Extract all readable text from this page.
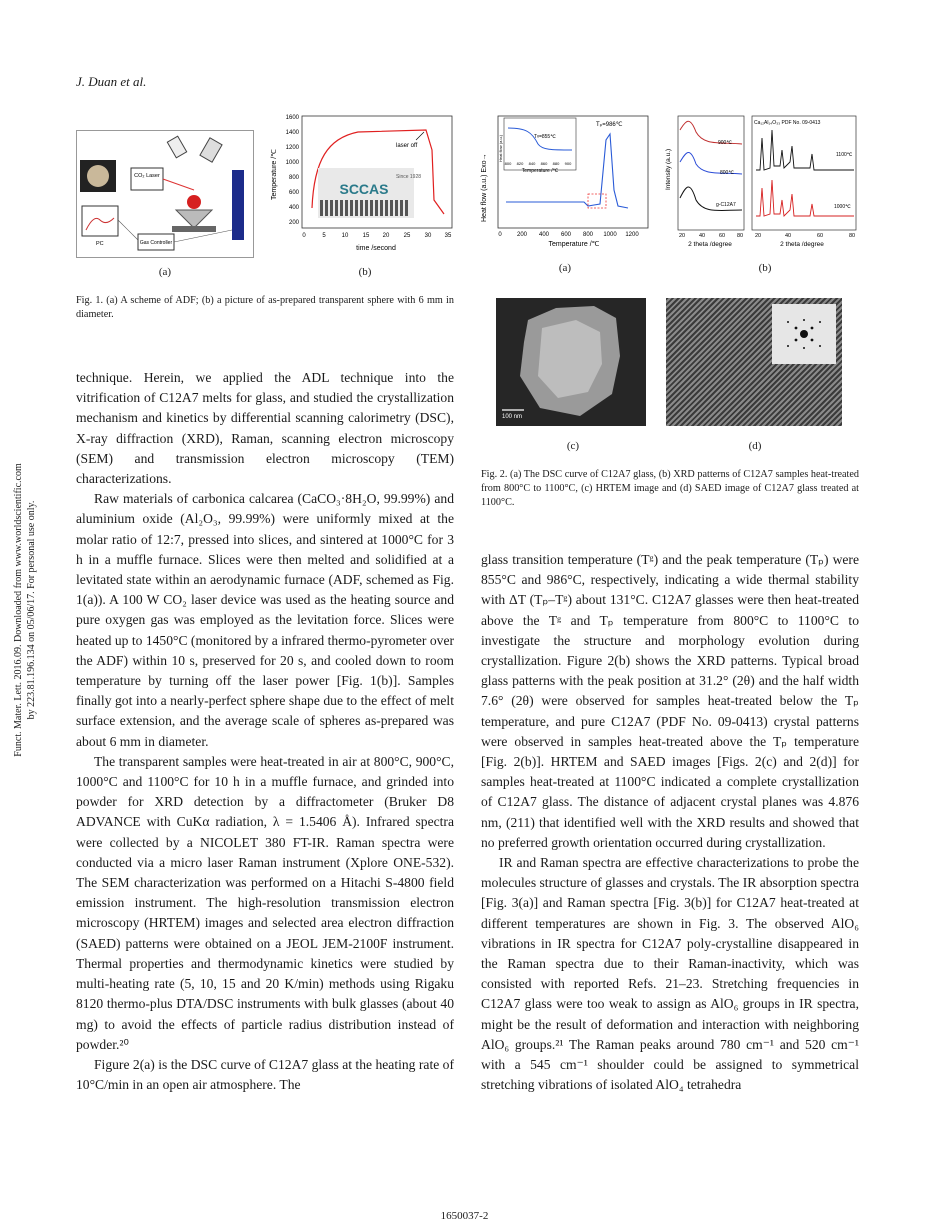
J. Duan et al.
Funct. Mater. Lett. 2016.09. Downloaded from www.worldscientific.com by 223.81.196.134 on 05/06/17. For personal use only.
CO₂ Laser
PC	Gas Controller
(a)
Temperature /℃
1600
1400
1200
1000
800
600
400
200
0	5	10 15 20 25 30 35
time /second
laser off
SCCAS
Since 1928
(b)
Fig. 1. (a) A scheme of ADF; (b) a picture of as-prepared transparent sphere with 6 mm in diameter.
Heat flow (a.u.) Exo→
Tₚ=986℃
Tᵍ=855℃
Heat flow (a.u.)
800 820 840 860 880 900
Temperature /℃
0	200 400 600 800 1000 1200
Temperature /℃
(a)
Intensity (a.u.)
900℃
800℃
g-C12A7
Ca₁₂Al₁₄O₃₃ PDF No. 09-0413
1100℃
1000℃
20	40	60 80 20	40	60	80
2 theta /degree	2 theta /degree
(b)
100 nm
(c)	(d)
Fig. 2. (a) The DSC curve of C12A7 glass, (b) XRD patterns of C12A7 samples heat-treated from 800°C to 1100°C, (c) HRTEM image and (d) SAED image of C12A7 glass treated at 1100°C.

technique. Herein, we applied the ADL technique into the vitrification of C12A7 melts for glass, and studied the crystallization mechanism and kinetics by differential scanning calorimetry (DSC), X-ray diffraction (XRD), Raman, scanning electron microscopy (SEM) and transmission electron microscopy (TEM) characterizations.

Raw materials of carbonica calcarea (CaCO₃·8H₂O, 99.99%) and aluminium oxide (Al₂O₃, 99.99%) were uniformly mixed at the molar ratio of 12:7, pressed into slices, and sintered at 1000°C for 3 h in a muffle furnace. Slices were then melted and solidified at a levitated state within an aerodynamic furnace (ADF, schemed as Fig. 1(a)). A 100 W CO₂ laser device was used as the heating source and pure oxygen gas was employed as the levitation force. Slices were heated up to 1450°C (monitored by a infrared thermo-pyrometer over the ADF) within 10 s, preserved for 20 s, and cooled down to room temperature by turning off the laser power [Fig. 1(b)]. Samples finally got into a nearly-perfect sphere shape due to the effect of melt surface extension, and the average scale of spheres as-prepared was about 6 mm in diameter.

The transparent samples were heat-treated in air at 800°C, 900°C, 1000°C and 1100°C for 10 h in a muffle furnace, and grinded into powder for XRD detection by a diffractometer (Bruker D8 ADVANCE with CuKα radiation, λ = 1.5406 Å). Infrared spectra were collected by a NICOLET 380 FT-IR. Raman spectra were conducted via a micro laser Raman instrument (Xplore ONE-532). The SEM characterization was performed on a Hitachi S-4800 field emission instrument. The high-resolution transmission electron microscopy (HRTEM) images and selected area electron diffraction (SAED) patterns were obtained on a JEOL JEM-2100F instrument. Thermal properties and thermodynamic kinetics were studied by multi-heating rate (5, 10, 15 and 20 K/min) methods using Rigaku 8120 thermo-plus DTA/DSC instruments with bulk glasses (about 40 mg) to avoid the effects of particle radius distribution instead of powder.²⁰

Figure 2(a) is the DSC curve of C12A7 glass at the heating rate of 10°C/min in an open air atmosphere. The

glass transition temperature (Tᵍ) and the peak temperature (Tₚ) were 855°C and 986°C, respectively, indicating a wide thermal stability with ΔT (Tₚ–Tᵍ) about 131°C. C12A7 glasses were then heat-treated above the Tᵍ and Tₚ temperature from 800°C to 1100°C to investigate the structure and morphology evolution during crystallization. Figure 2(b) shows the XRD patterns. Typical broad glass patterns with the peak position at 31.2° (2θ) and the half width 7.6° (2θ) were observed for samples heat-treated below the Tₚ temperature, and pure C12A7 (PDF No. 09-0413) crystal patterns were observed in samples heat-treated above the Tₚ temperature [Fig. 2(b)]. HRTEM and SAED images [Figs. 2(c) and 2(d)] for samples heat-treated at 1100°C indicated a complete crystallization of C12A7 glass. The distance of adjacent crystal planes was 4.876 nm, (211) that identified well with the XRD results and showed that no preferred growth orientation occurred during crystallization.

IR and Raman spectra are effective characterizations to probe the molecules structure of glasses and crystals. The IR absorption spectra [Fig. 3(a)] and Raman spectra [Fig. 3(b)] for C12A7 heat-treated at different temperatures are shown in Fig. 3. The observed AlO₆ vibrations in IR spectra for C12A7 poly-crystalline disappeared in the Raman spectra due to their Raman-inactivity, which was consisted with reported Refs. 21–23. Stretching frequencies in C12A7 glass were too weak to assign as AlO₆ groups in IR spectra, might be the result of deformation and interaction with neighboring AlO₆ groups.²¹ The Raman peaks around 780 cm⁻¹ and 520 cm⁻¹ with a 545 cm⁻¹ shoulder could be assigned to symmetrical stretching vibrations of isolated AlO₄ tetrahedra

1650037-2
